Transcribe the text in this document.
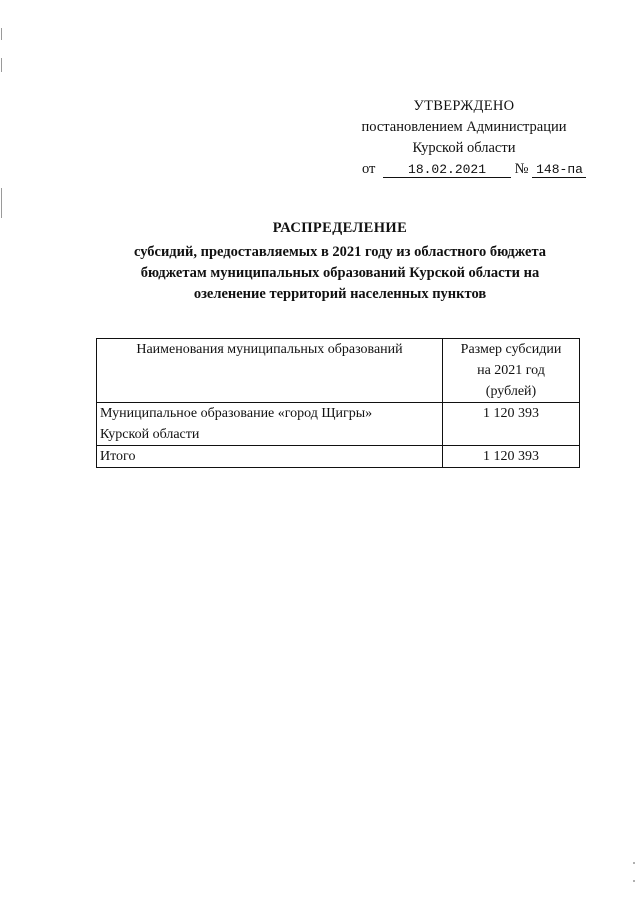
УТВЕРЖДЕНО
постановлением Администрации
Курской области
от	18.02.2021 № 148-па
РАСПРЕДЕЛЕНИЕ
субсидий, предоставляемых в 2021 году из областного бюджета
бюджетам муниципальных образований Курской области на
озеленение территорий населенных пунктов
Наименования муниципальных образований	Размер субсидии
на 2021 год
(рублей)

Муниципальное образование «город Щигры»
Курской области	1 120 393
Итого	1 120 393
